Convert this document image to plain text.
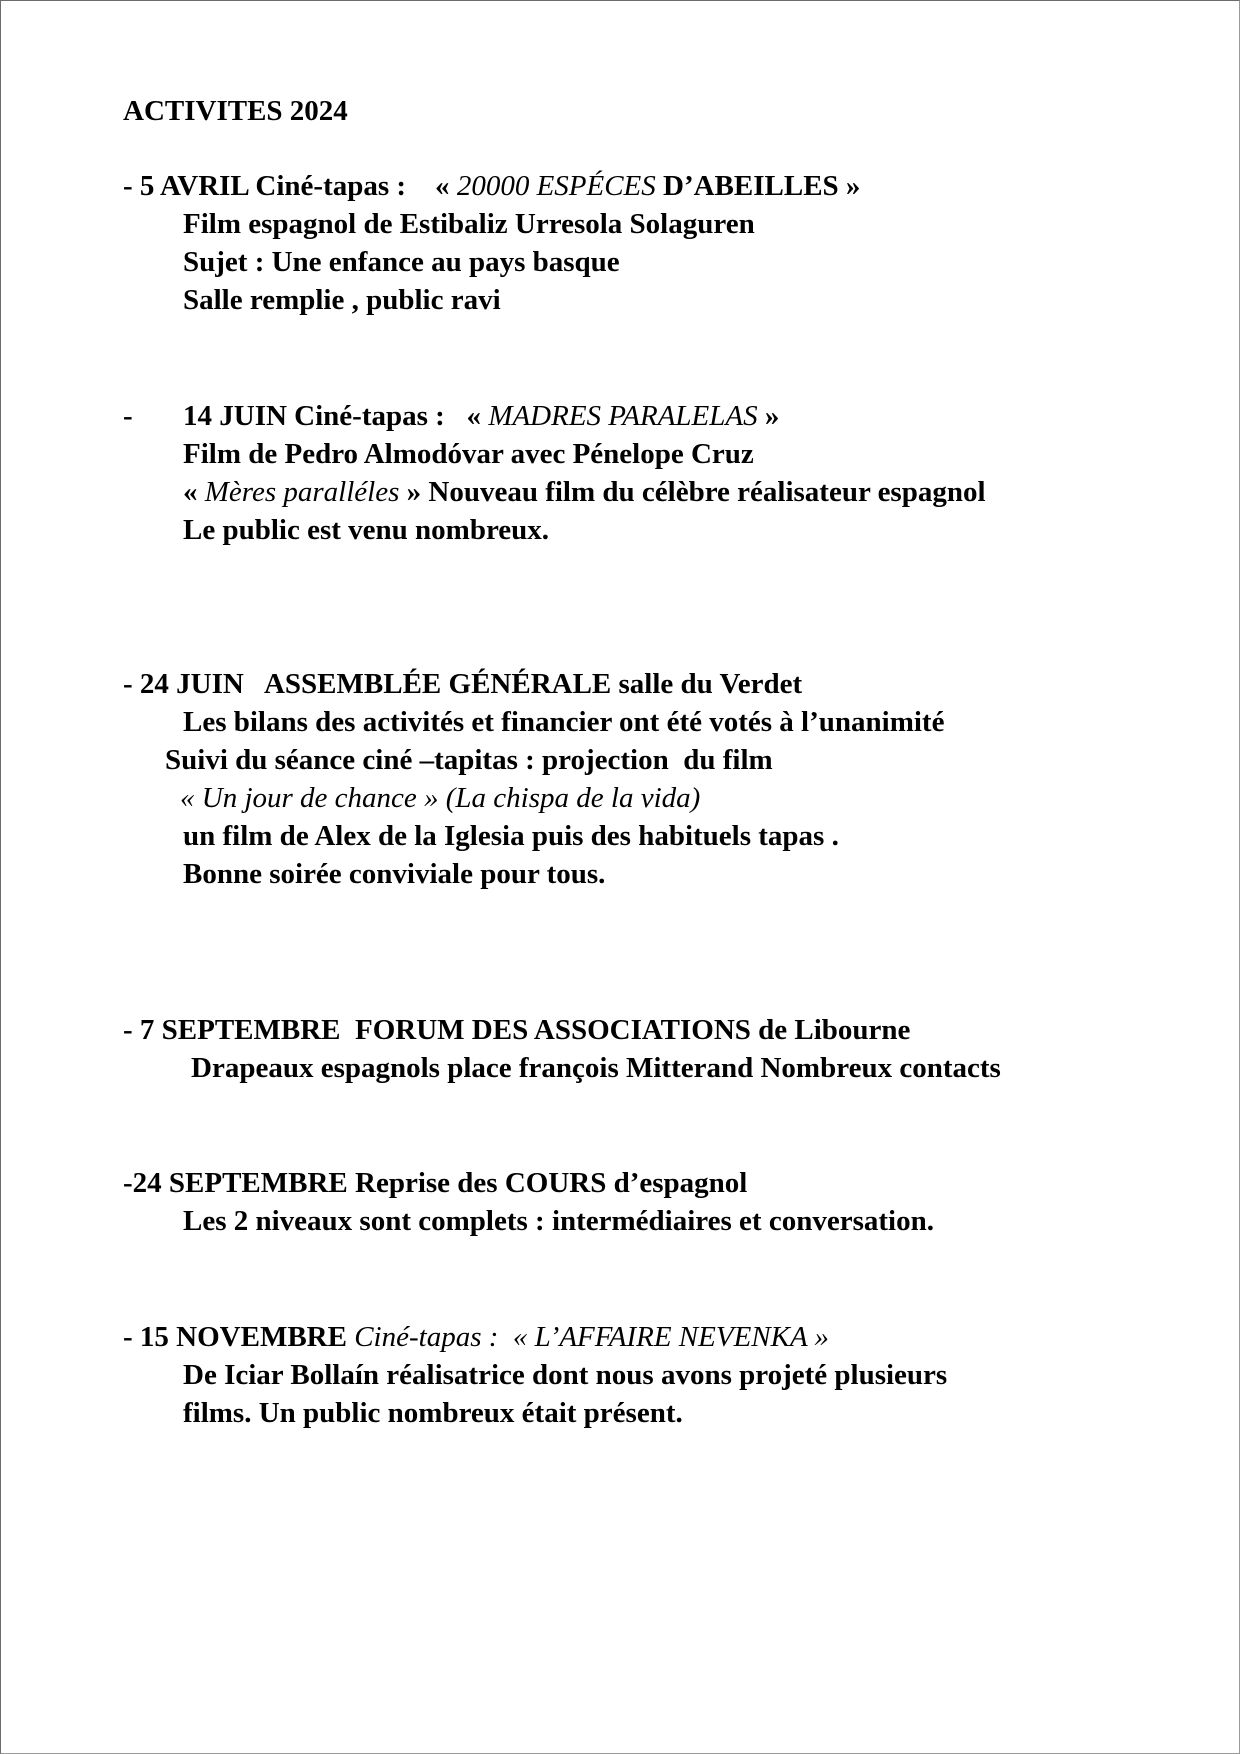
ACTIVITES 2024
- 5 AVRIL Ciné-tapas :    « 20000 ESPÉCES D’ABEILLES »
Film espagnol de Estibaliz Urresola Solaguren
Sujet : Une enfance au pays basque
Salle remplie , public ravi
- 14 JUIN Ciné-tapas :   « MADRES PARALELAS »
Film de Pedro Almodóvar avec Pénelope Cruz
« Mères paralléles » Nouveau film du célèbre réalisateur espagnol
Le public est venu nombreux.
- 24 JUIN   ASSEMBLÉE GÉNÉRALE salle du Verdet
Les bilans des activités et financier ont été votés à l’unanimité
Suivi du séance ciné –tapitas : projection  du film
« Un jour de chance » (La chispa de la vida)
un film de Alex de la Iglesia puis des habituels tapas .
Bonne soirée conviviale pour tous.
- 7 SEPTEMBRE  FORUM DES ASSOCIATIONS de Libourne
Drapeaux espagnols place françois Mitterand Nombreux contacts
-24 SEPTEMBRE Reprise des COURS d’espagnol
Les 2 niveaux sont complets : intermédiaires et conversation.
- 15 NOVEMBRE Ciné-tapas :  « L’AFFAIRE NEVENKA »
De Iciar Bollaín réalisatrice dont nous avons projeté plusieurs
films. Un public nombreux était présent.
